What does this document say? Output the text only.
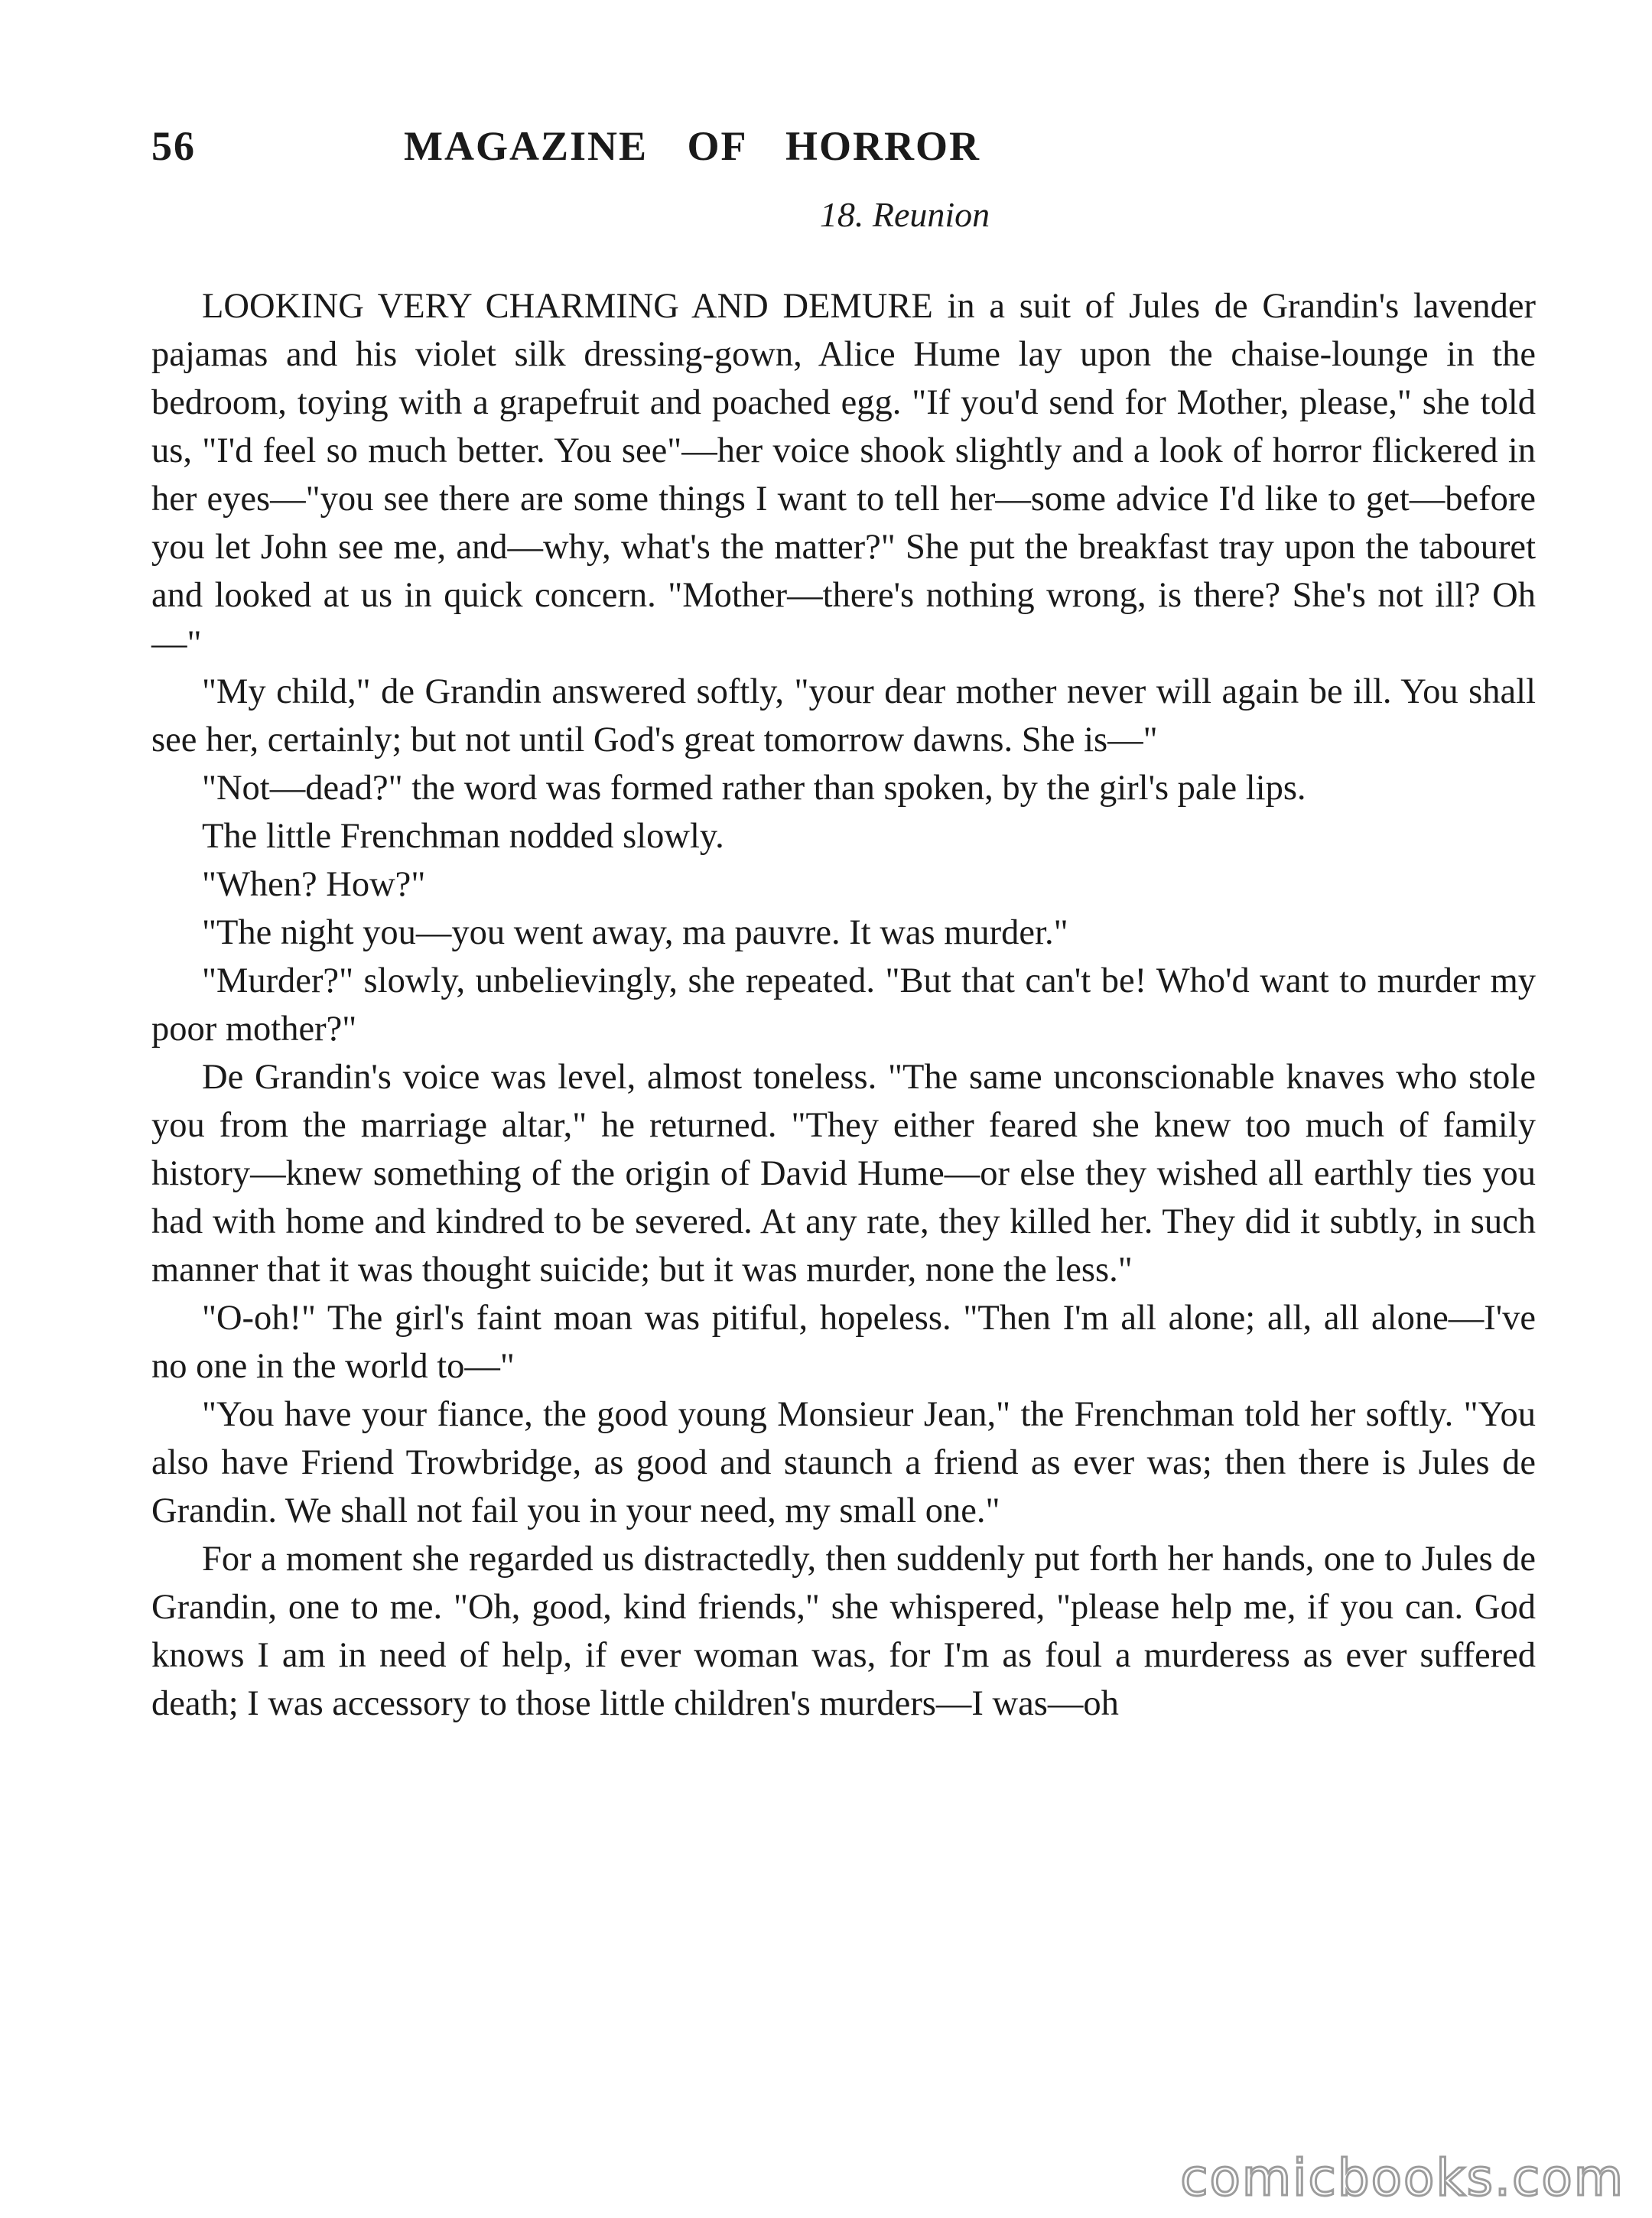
56	MAGAZINE OF HORROR
18. Reunion

LOOKING VERY CHARMING AND DEMURE in a suit of Jules de Grandin's lavender pajamas and his violet silk dressing-gown, Alice Hume lay upon the chaise-lounge in the bedroom, toying with a grapefruit and poached egg. "If you'd send for Mother, please," she told us, "I'd feel so much better. You see"—her voice shook slightly and a look of horror flickered in her eyes—"you see there are some things I want to tell her—some advice I'd like to get—before you let John see me, and—why, what's the matter?" She put the breakfast tray upon the tabouret and looked at us in quick concern. "Mother—there's nothing wrong, is there? She's not ill? Oh—"

"My child," de Grandin answered softly, "your dear mother never will again be ill. You shall see her, certainly; but not until God's great tomorrow dawns. She is—"

"Not—dead?" the word was formed rather than spoken, by the girl's pale lips.

The little Frenchman nodded slowly.

"When? How?"

"The night you—you went away, ma pauvre. It was murder."

"Murder?" slowly, unbelievingly, she repeated. "But that can't be! Who'd want to murder my poor mother?"

De Grandin's voice was level, almost toneless. "The same unconscionable knaves who stole you from the marriage altar," he returned. "They either feared she knew too much of family history—knew something of the origin of David Hume—or else they wished all earthly ties you had with home and kindred to be severed. At any rate, they killed her. They did it subtly, in such manner that it was thought suicide; but it was murder, none the less."

"O-oh!" The girl's faint moan was pitiful, hopeless. "Then I'm all alone; all, all alone—I've no one in the world to—"

"You have your fiance, the good young Monsieur Jean," the Frenchman told her softly. "You also have Friend Trowbridge, as good and staunch a friend as ever was; then there is Jules de Grandin. We shall not fail you in your need, my small one."

For a moment she regarded us distractedly, then suddenly put forth her hands, one to Jules de Grandin, one to me. "Oh, good, kind friends," she whispered, "please help me, if you can. God knows I am in need of help, if ever woman was, for I'm as foul a murderess as ever suffered death; I was accessory to those little children's murders—I was—oh

comicbooks.com
